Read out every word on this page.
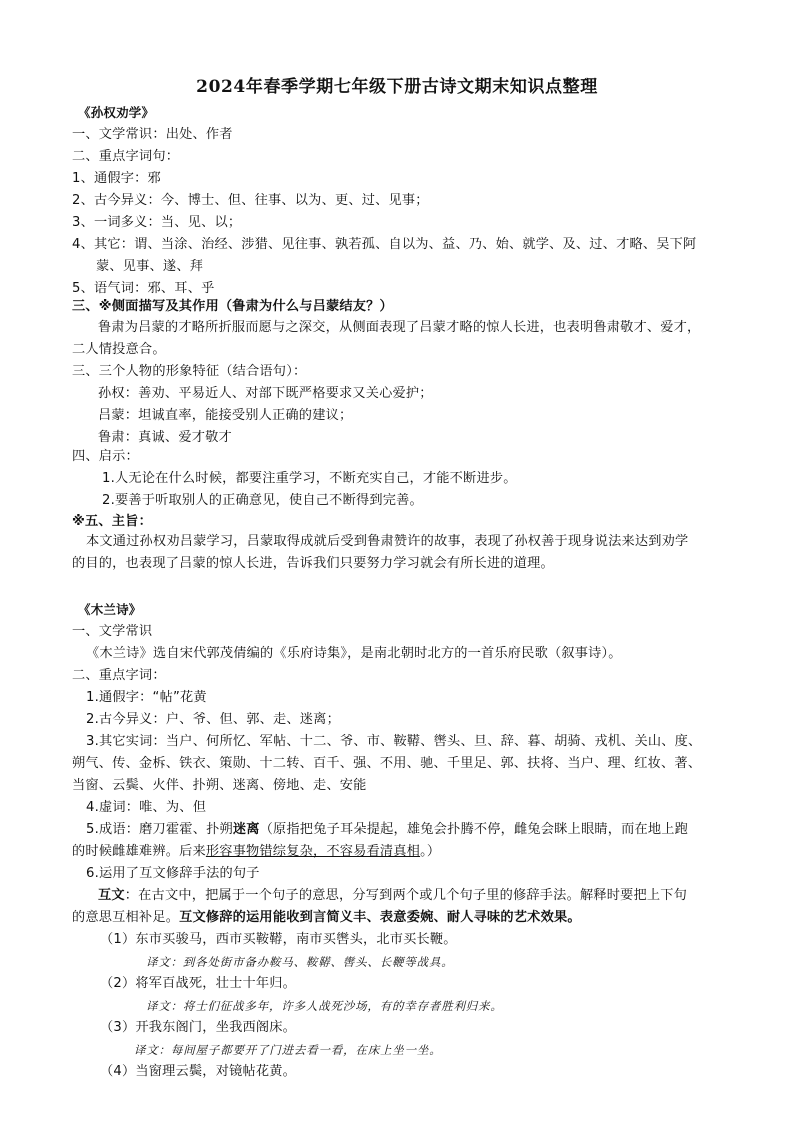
2024年春季学期七年级下册古诗文期末知识点整理
《孙权劝学》
一、文学常识：出处、作者
二、重点字词句：
1、通假字：邪
2、古今异义：今、博士、但、往事、以为、更、过、见事；
3、一词多义：当、见、以；
4、其它：谓、当涂、治经、涉猎、见往事、孰若孤、自以为、益、乃、始、就学、及、过、才略、吴下阿
蒙、见事、遂、拜
5、语气词：邪、耳、乎
三、※侧面描写及其作用（鲁肃为什么与吕蒙结友？）
鲁肃为吕蒙的才略所折服而愿与之深交，从侧面表现了吕蒙才略的惊人长进，也表明鲁肃敬才、爱才，
二人情投意合。
三、三个人物的形象特征（结合语句）：
孙权：善劝、平易近人、对部下既严格要求又关心爱护；
吕蒙：坦诚直率，能接受别人正确的建议；
鲁肃：真诚、爱才敬才
四、启示：
1.人无论在什么时候，都要注重学习，不断充实自己，才能不断进步。
2.要善于听取别人的正确意见，使自己不断得到完善。
※五、主旨：
本文通过孙权劝吕蒙学习，吕蒙取得成就后受到鲁肃赞许的故事，表现了孙权善于现身说法来达到劝学
的目的，也表现了吕蒙的惊人长进，告诉我们只要努力学习就会有所长进的道理。
《木兰诗》
一、文学常识
《木兰诗》选自宋代郭茂倩编的《乐府诗集》，是南北朝时北方的一首乐府民歌（叙事诗）。
二、重点字词：
1.通假字：“帖”花黄
2.古今异义：户、爷、但、郭、走、迷离；
3.其它实词：当户、何所忆、军帖、十二、爷、市、鞍鞯、辔头、旦、辞、暮、胡骑、戎机、关山、度、
朔气、传、金柝、铁衣、策勋、十二转、百千、强、不用、驰、千里足、郭、扶将、当户、理、红妆、著、
当窗、云鬓、火伴、扑朔、迷离、傍地、走、安能
4.虚词：唯、为、但
5.成语：磨刀霍霍、扑朔迷离（原指把兔子耳朵提起，雄兔会扑腾不停，雌兔会眯上眼睛，而在地上跑
的时候雌雄难辨。后来形容事物错综复杂，不容易看清真相。）
6.运用了互文修辞手法的句子
互文：在古文中，把属于一个句子的意思，分写到两个或几个句子里的修辞手法。解释时要把上下句
的意思互相补足。互文修辞的运用能收到言简义丰、表意委婉、耐人寻味的艺术效果。
（1）东市买骏马，西市买鞍鞯，南市买辔头，北市买长鞭。
译文：到各处街市备办鞍马、鞍鞯、辔头、长鞭等战具。
（2）将军百战死，壮士十年归。
译文：将士们征战多年，许多人战死沙场，有的幸存者胜利归来。
（3）开我东阁门，坐我西阁床。
译文：每间屋子都要开了门进去看一看，在床上坐一坐。
（4）当窗理云鬓，对镜帖花黄。
